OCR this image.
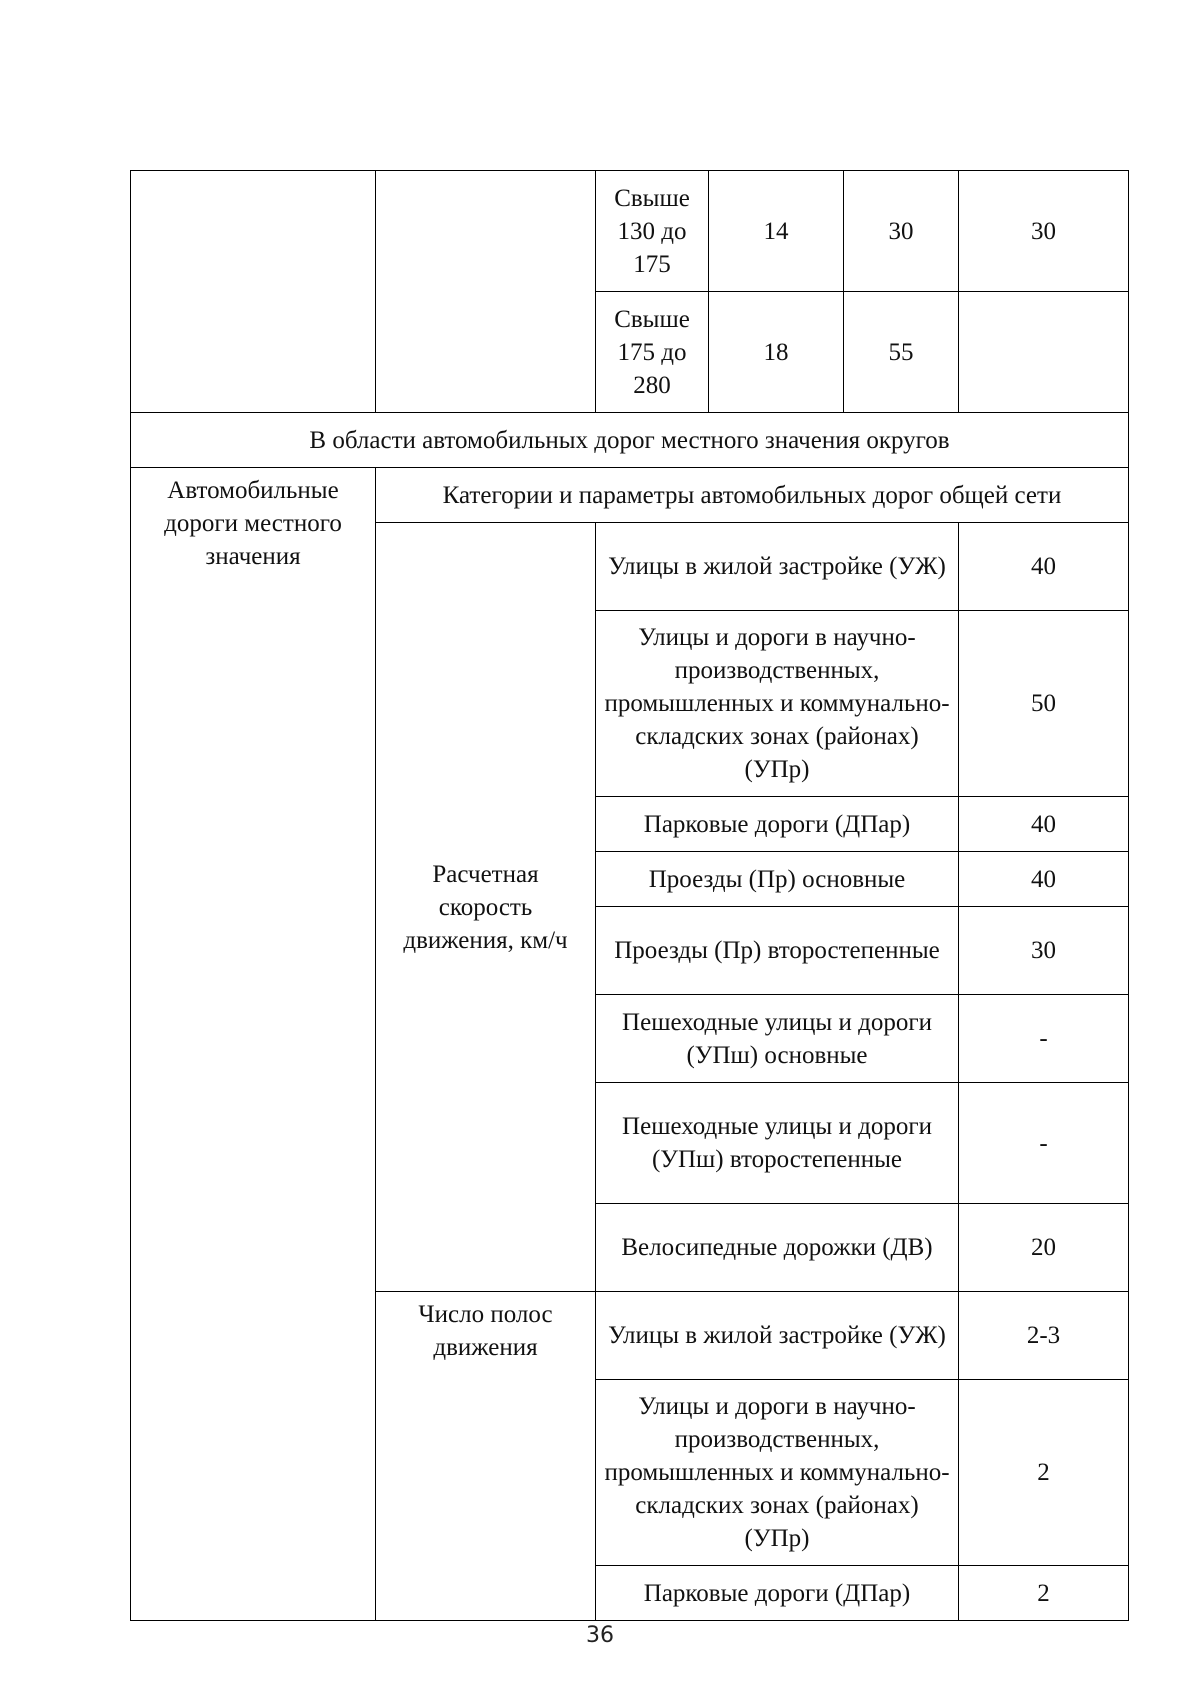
		Свыше 130 до 175	14	30	30
		Свыше 175 до 280	18	55	
В области автомобильных дорог местного значения округов					
Автомобильные дороги местного значения	Категории и параметры автомобильных дорог общей сети				
	Расчетная скорость движения, км/ч	Улицы в жилой застройке (УЖ)			40
		Улицы и дороги в научно-производственных, промышленных и коммунально-складских зонах (районах) (УПр)			50
		Парковые дороги (ДПар)			40
		Проезды (Пр) основные			40
		Проезды (Пр) второстепенные			30
		Пешеходные улицы и дороги (УПш) основные			-
		Пешеходные улицы и дороги (УПш) второстепенные			-
		Велосипедные дорожки (ДВ)			20
	Число полос движения	Улицы в жилой застройке (УЖ)			2-3
		Улицы и дороги в научно-производственных, промышленных и коммунально-складских зонах (районах) (УПр)			2
		Парковые дороги (ДПар)			2
36
